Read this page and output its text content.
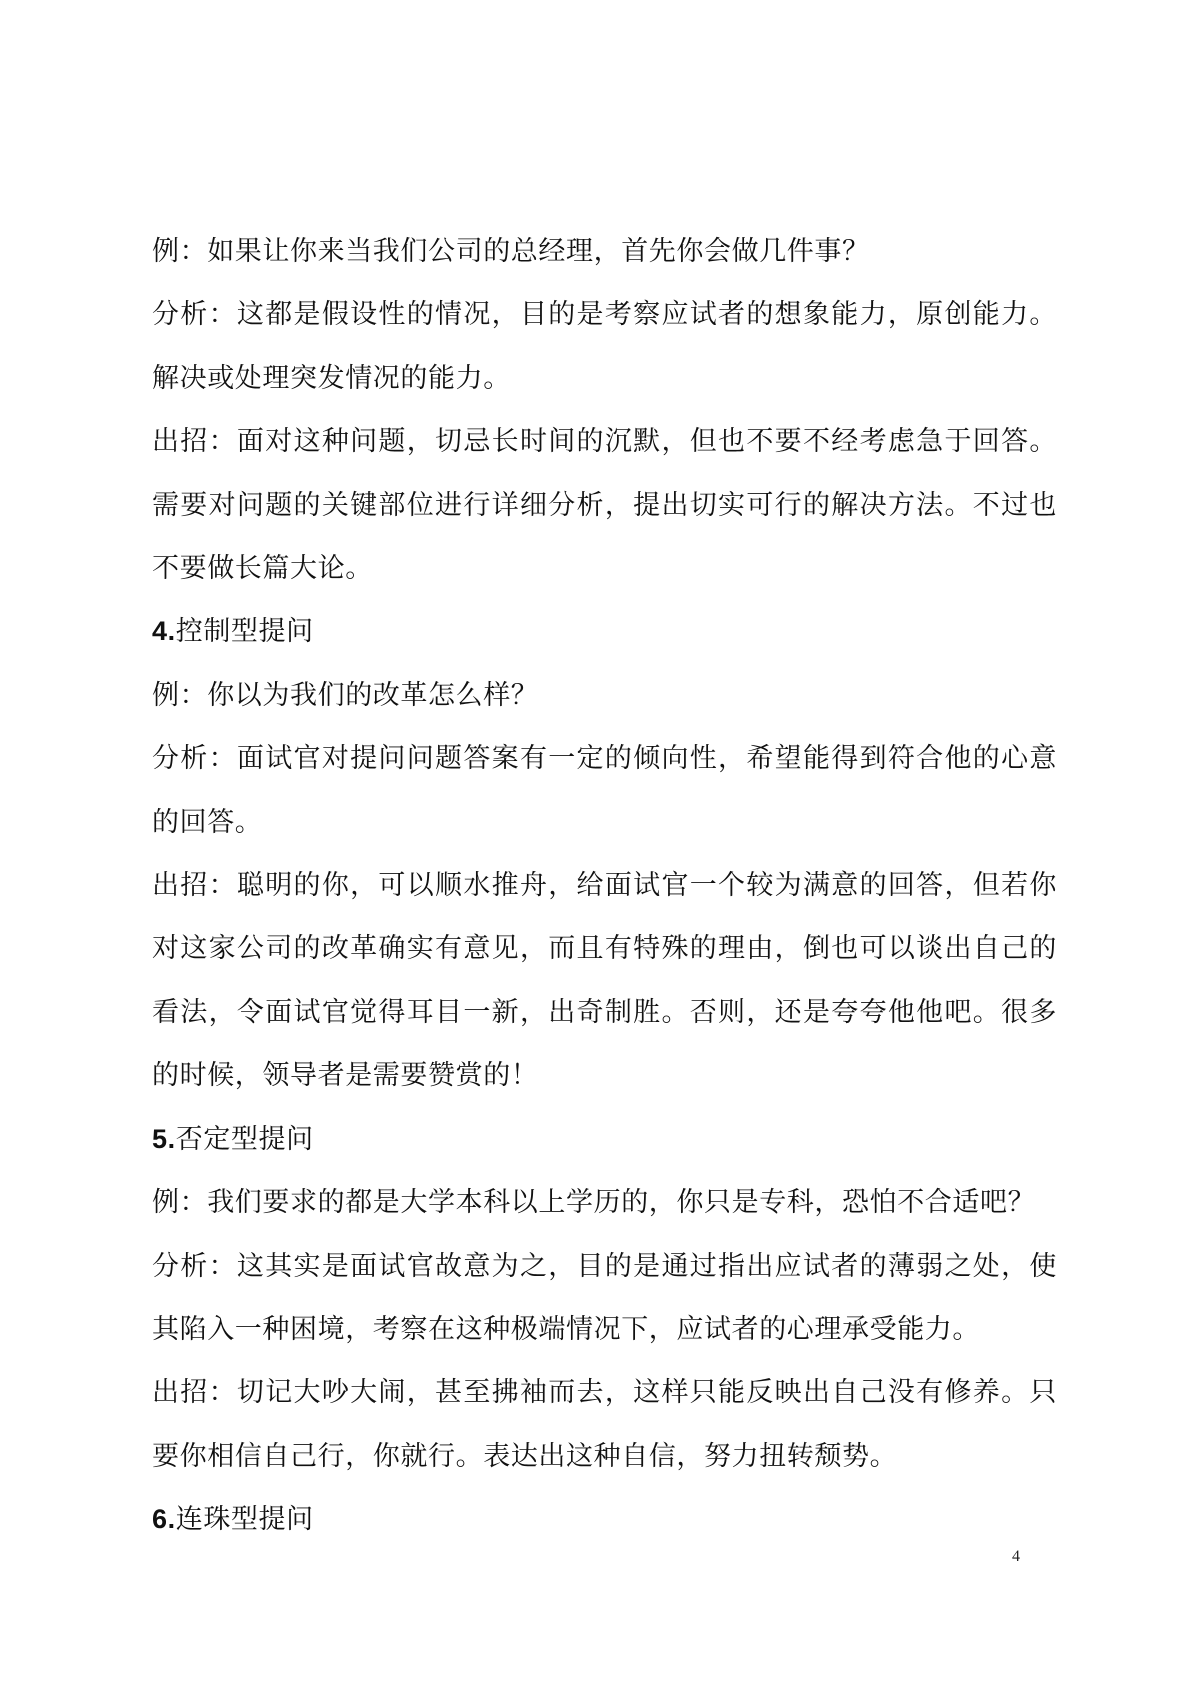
例：如果让你来当我们公司的总经理，首先你会做几件事？

分析：这都是假设性的情况，目的是考察应试者的想象能力，原创能力。解决或处理突发情况的能力。

出招：面对这种问题，切忌长时间的沉默，但也不要不经考虑急于回答。需要对问题的关键部位进行详细分析，提出切实可行的解决方法。不过也不要做长篇大论。

4.控制型提问

例：你以为我们的改革怎么样？

分析：面试官对提问问题答案有一定的倾向性，希望能得到符合他的心意的回答。

出招：聪明的你，可以顺水推舟，给面试官一个较为满意的回答，但若你对这家公司的改革确实有意见，而且有特殊的理由，倒也可以谈出自己的看法，令面试官觉得耳目一新，出奇制胜。否则，还是夸夸他他吧。很多的时候，领导者是需要赞赏的！

5.否定型提问

例：我们要求的都是大学本科以上学历的，你只是专科，恐怕不合适吧？

分析：这其实是面试官故意为之，目的是通过指出应试者的薄弱之处，使其陷入一种困境，考察在这种极端情况下，应试者的心理承受能力。

出招：切记大吵大闹，甚至拂袖而去，这样只能反映出自己没有修养。只要你相信自己行，你就行。表达出这种自信，努力扭转颓势。

6.连珠型提问

4
